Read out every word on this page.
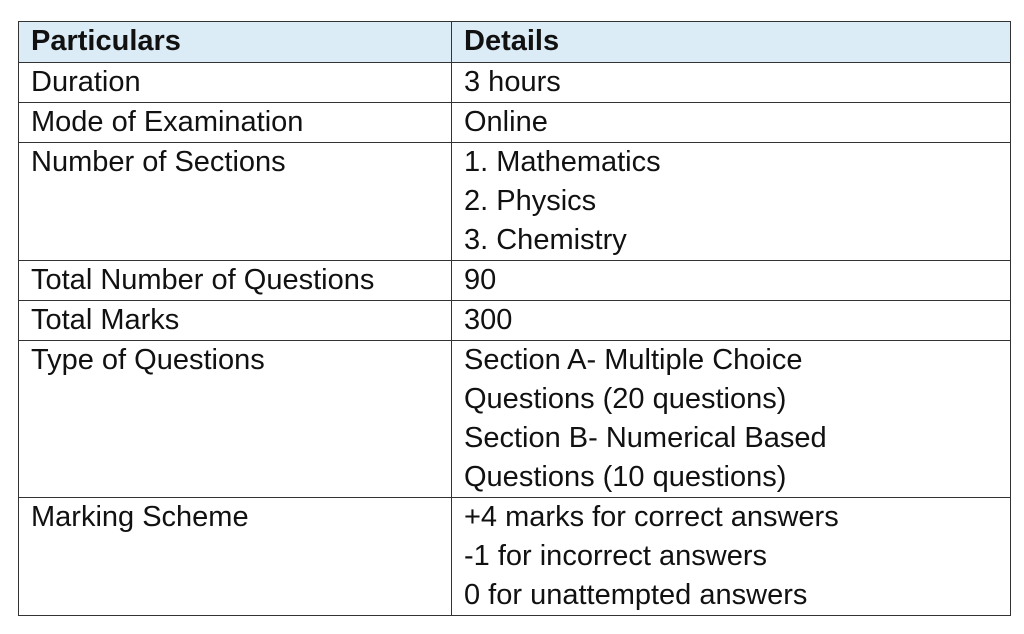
Particulars	Details

Duration	3 hours

Mode of Examination	Online

Number of Sections	1. Mathematics
2. Physics
3. Chemistry

Total Number of Questions	90

Total Marks	300

Type of Questions	Section A- Multiple Choice
Questions (20 questions)
Section B- Numerical Based
Questions (10 questions)

Marking Scheme	+4 marks for correct answers
-1 for incorrect answers
0 for unattempted answers
